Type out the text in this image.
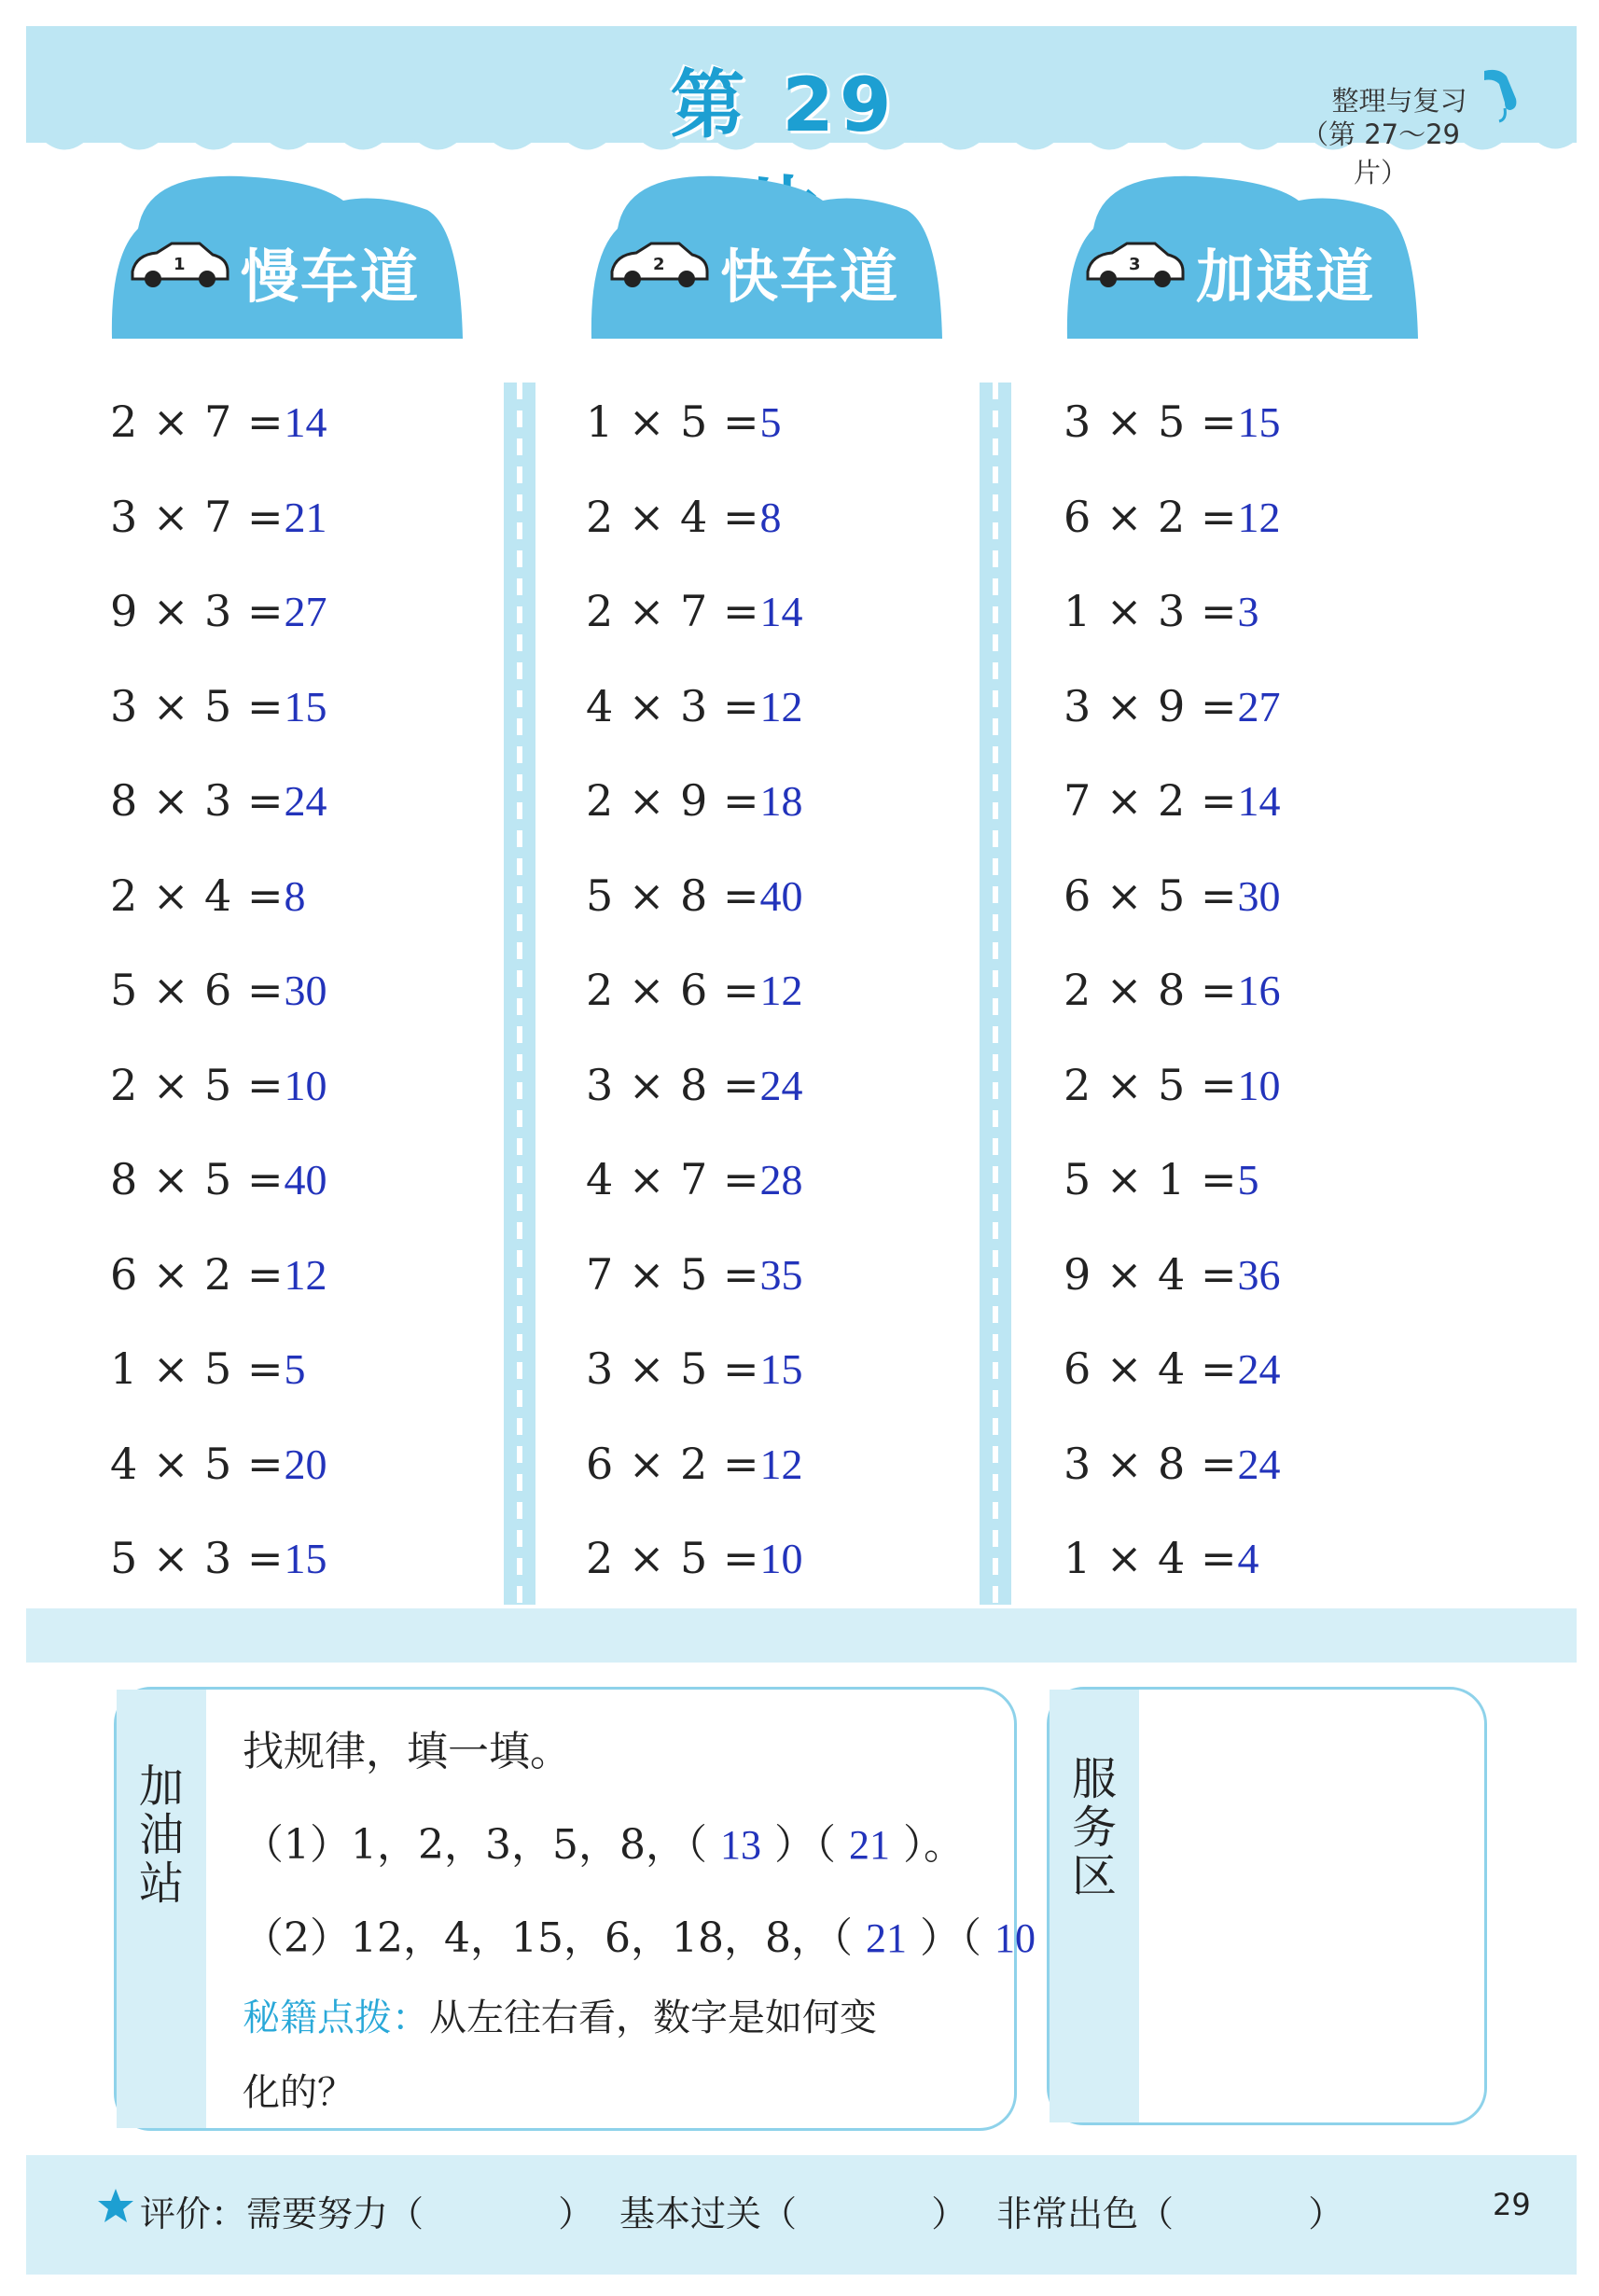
第 29	整理与复习
（第 27～29 片）
1 慢车道	2 快车道	3 加速道
2 × 7 =14
3 × 7 =21
9 × 3 =27
3 × 5 =15
8 × 3 =24
2 × 4 =8
5 × 6 =30
2 × 5 =10
8 × 5 =40
6 × 2 =12
1 × 5 =5
4 × 5 =20
5 × 3 =15
1 × 5 =5
2 × 4 =8
2 × 7 =14
4 × 3 =12
2 × 9 =18
5 × 8 =40
2 × 6 =12
3 × 8 =24
4 × 7 =28
7 × 5 =35
3 × 5 =15
6 × 2 =12
2 × 5 =10
3 × 5 =15
6 × 2 =12
1 × 3 =3
3 × 9 =27
7 × 2 =14
6 × 5 =30
2 × 8 =16
2 × 5 =10
5 × 1 =5
9 × 4 =36
6 × 4 =24
3 × 8 =24
1 × 4 =4
加油站
找规律，填一填。
（1）1，2，3，5，8，（ 13 ）（ 21 ）。
（2）12，4，15，6，18，8，（ 21 ）（ 10
秘籍点拨：从左往右看，数字是如何变
化的？
服务区
评价：需要努力（	） 基本过关（	） 非常出色（	）	29
